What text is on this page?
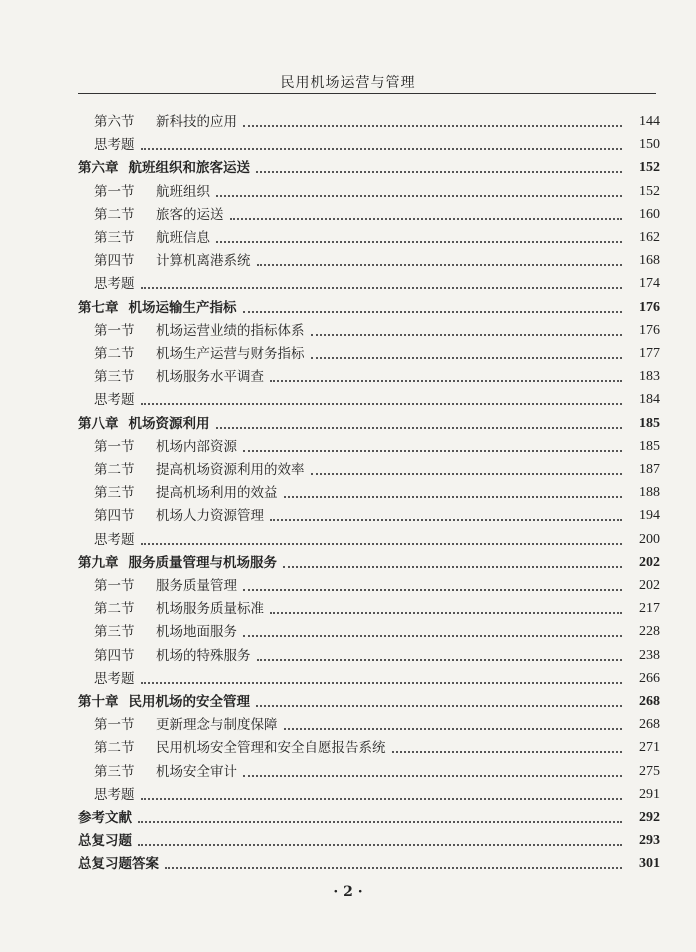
民用机场运营与管理
第六节 新科技的应用	144
思考题	150
第六章 航班组织和旅客运送	152
第一节 航班组织	152
第二节 旅客的运送	160
第三节 航班信息	162
第四节 计算机离港系统	168
思考题	174
第七章 机场运输生产指标	176
第一节 机场运营业绩的指标体系	176
第二节 机场生产运营与财务指标	177
第三节 机场服务水平调查	183
思考题	184
第八章 机场资源利用	185
第一节 机场内部资源	185
第二节 提高机场资源利用的效率	187
第三节 提高机场利用的效益	188
第四节 机场人力资源管理	194
思考题	200
第九章 服务质量管理与机场服务	202
第一节 服务质量管理	202
第二节 机场服务质量标准	217
第三节 机场地面服务	228
第四节 机场的特殊服务	238
思考题	266
第十章 民用机场的安全管理	268
第一节 更新理念与制度保障	268
第二节 民用机场安全管理和安全自愿报告系统	271
第三节 机场安全审计	275
思考题	291
参考文献	292
总复习题	293
总复习题答案	301
· 2 ·
